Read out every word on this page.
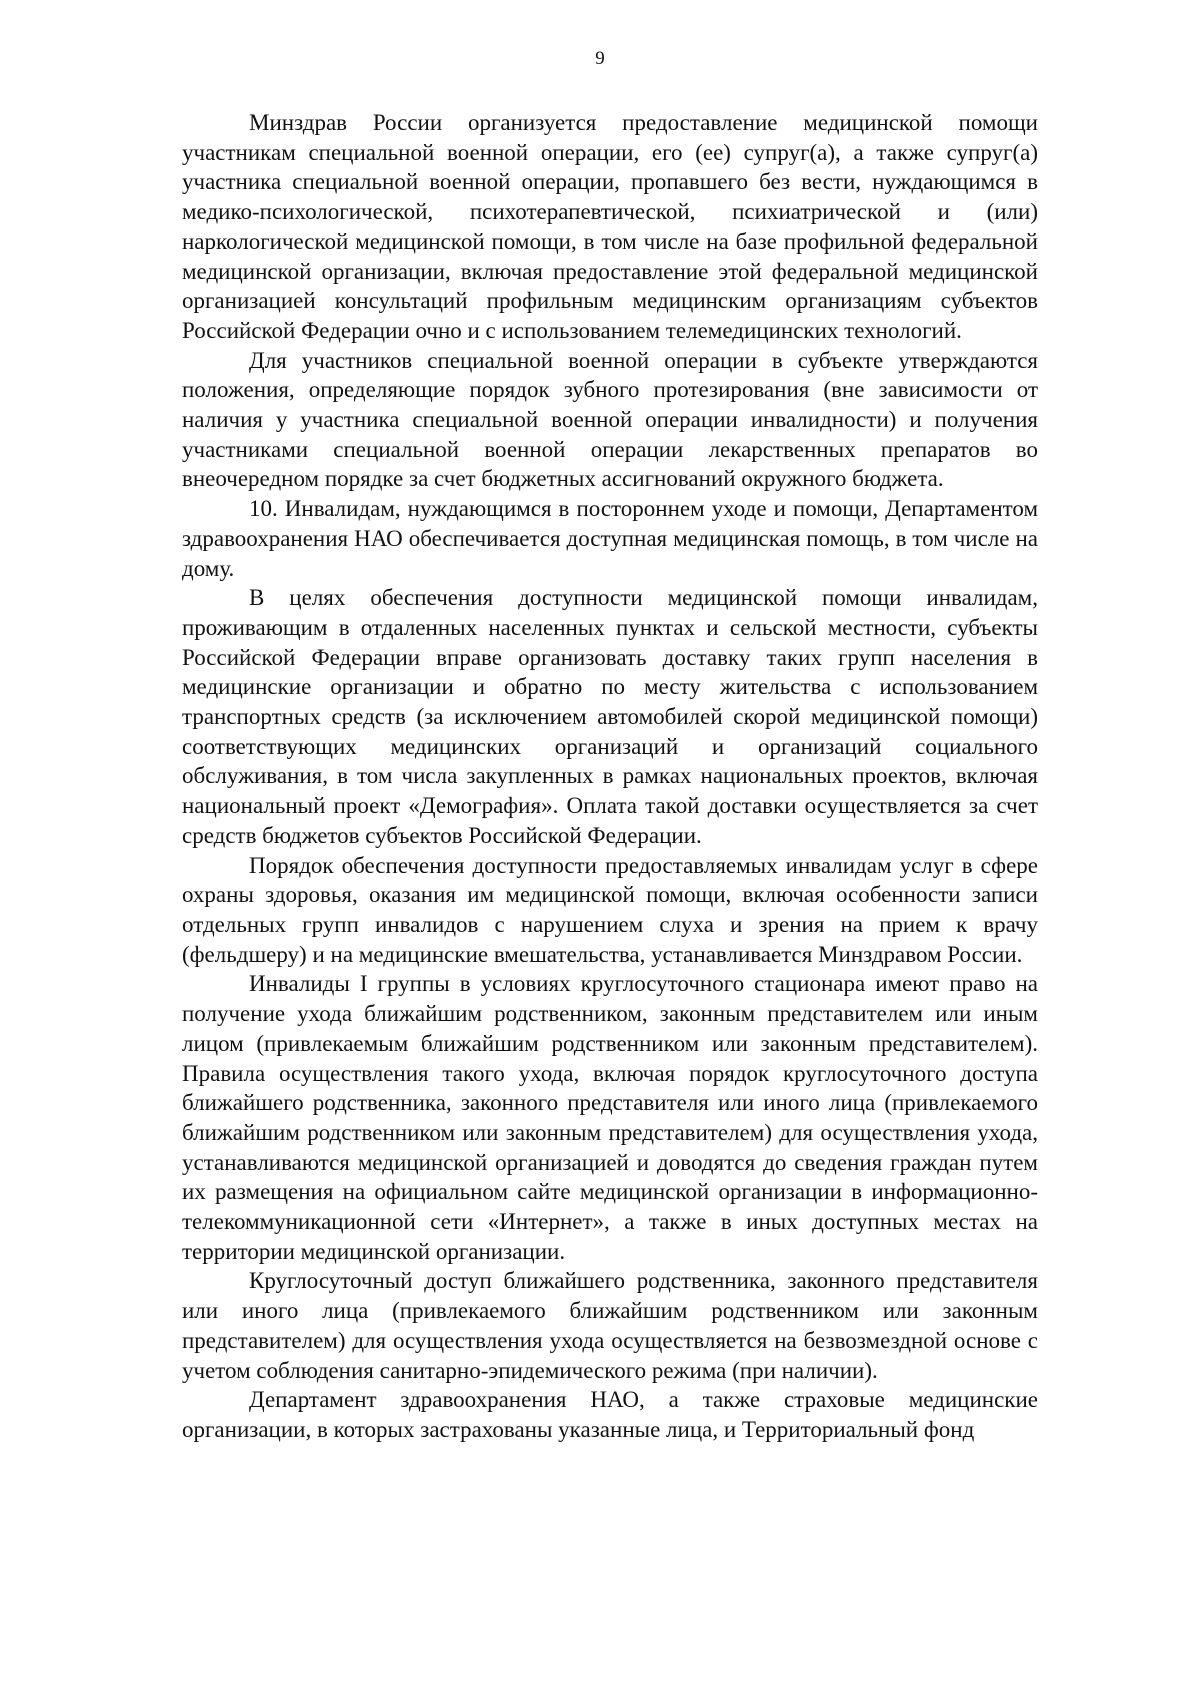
9

Минздрав России организуется предоставление медицинской помощи участникам специальной военной операции, его (ее) супруг(а), а также супруг(а) участника специальной военной операции, пропавшего без вести, нуждающимся в медико-психологической, психотерапевтической, психиатрической и (или) наркологической медицинской помощи, в том числе на базе профильной федеральной медицинской организации, включая предоставление этой федеральной медицинской организацией консультаций профильным медицинским организациям субъектов Российской Федерации очно и с использованием телемедицинских технологий.

Для участников специальной военной операции в субъекте утверждаются положения, определяющие порядок зубного протезирования (вне зависимости от наличия у участника специальной военной операции инвалидности) и получения участниками специальной военной операции лекарственных препаратов во внеочередном порядке за счет бюджетных ассигнований окружного бюджета.

10. Инвалидам, нуждающимся в постороннем уходе и помощи, Департаментом здравоохранения НАО обеспечивается доступная медицинская помощь, в том числе на дому.

В целях обеспечения доступности медицинской помощи инвалидам, проживающим в отдаленных населенных пунктах и сельской местности, субъекты Российской Федерации вправе организовать доставку таких групп населения в медицинские организации и обратно по месту жительства с использованием транспортных средств (за исключением автомобилей скорой медицинской помощи) соответствующих медицинских организаций и организаций социального обслуживания, в том числа закупленных в рамках национальных проектов, включая национальный проект «Демография». Оплата такой доставки осуществляется за счет средств бюджетов субъектов Российской Федерации.

Порядок обеспечения доступности предоставляемых инвалидам услуг в сфере охраны здоровья, оказания им медицинской помощи, включая особенности записи отдельных групп инвалидов с нарушением слуха и зрения на прием к врачу (фельдшеру) и на медицинские вмешательства, устанавливается Минздравом России.

Инвалиды I группы в условиях круглосуточного стационара имеют право на получение ухода ближайшим родственником, законным представителем или иным лицом (привлекаемым ближайшим родственником или законным представителем). Правила осуществления такого ухода, включая порядок круглосуточного доступа ближайшего родственника, законного представителя или иного лица (привлекаемого ближайшим родственником или законным представителем) для осуществления ухода, устанавливаются медицинской организацией и доводятся до сведения граждан путем их размещения на официальном сайте медицинской организации в информационно-телекоммуникационной сети «Интернет», а также в иных доступных местах на территории медицинской организации.

Круглосуточный доступ ближайшего родственника, законного представителя или иного лица (привлекаемого ближайшим родственником или законным представителем) для осуществления ухода осуществляется на безвозмездной основе с учетом соблюдения санитарно-эпидемического режима (при наличии).

Департамент здравоохранения НАО, а также страховые медицинские организации, в которых застрахованы указанные лица, и Территориальный фонд
